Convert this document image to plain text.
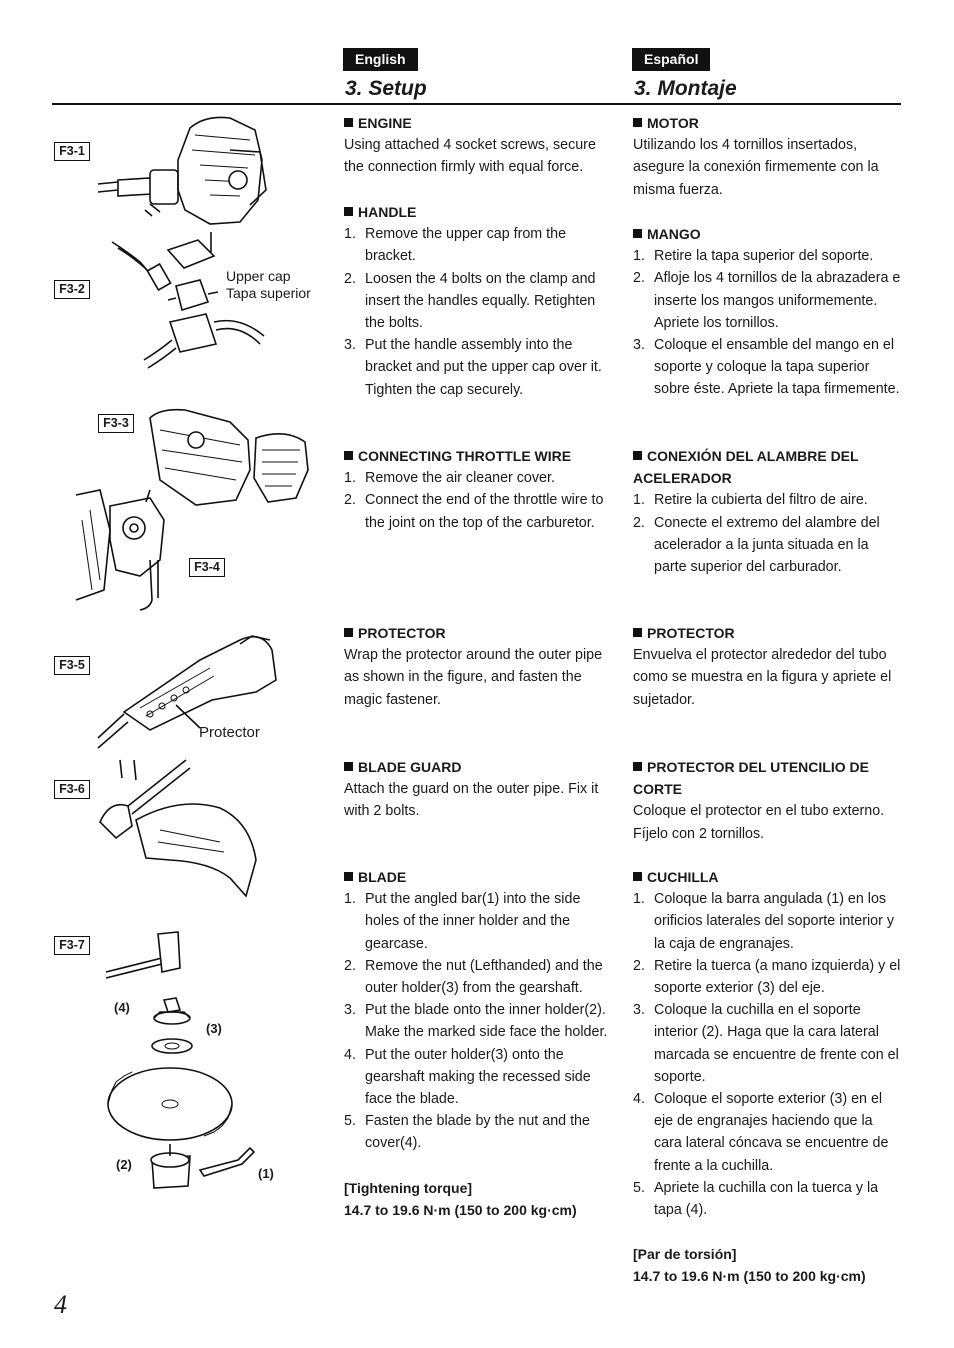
English	Español
3. Setup	3. Montaje
F3-1
F3-2
F3-3
F3-4
F3-5
F3-6
F3-7
Upper cap
Tapa superior
Protector
(4)
(3)
(2)
(1)
ENGINE

Using attached 4 socket screws, secure the connection firmly with equal force.

HANDLE
1. Remove the upper cap from the bracket.
2. Loosen the 4 bolts on the clamp and insert the handles equally. Retighten the bolts.
3. Put the handle assembly into the bracket and put the upper cap over it. Tighten the cap securely.
CONNECTING THROTTLE WIRE
1. Remove the air cleaner cover.
2. Connect the end of the throttle wire to the joint on the top of the carburetor.
PROTECTOR

Wrap the protector around the outer pipe as shown in the figure, and fasten the magic fastener.

BLADE GUARD

Attach the guard on the outer pipe. Fix it with 2 bolts.

BLADE
1. Put the angled bar(1) into the side holes of the inner holder and the gearcase.
2. Remove the nut (Lefthanded) and the outer holder(3) from the gearshaft.
3. Put the blade onto the inner holder(2). Make the marked side face the holder.
4. Put the outer holder(3) onto the gearshaft making the recessed side face the blade.
5. Fasten the blade by the nut and the cover(4).
[Tightening torque]
14.7 to 19.6 N·m (150 to 200 kg·cm)
MOTOR

Utilizando los 4 tornillos insertados, asegure la conexión firmemente con la misma fuerza.

MANGO
1. Retire la tapa superior del soporte.
2. Afloje los 4 tornillos de la abrazadera e inserte los mangos uniformemente. Apriete los tornillos.
3. Coloque el ensamble del mango en el soporte y coloque la tapa superior sobre éste. Apriete la tapa firmemente.
CONEXIÓN DEL ALAMBRE DEL
ACELERADOR
1. Retire la cubierta del filtro de aire.
2. Conecte el extremo del alambre del acelerador a la junta situada en la parte superior del carburador.
PROTECTOR

Envuelva el protector alrededor del tubo como se muestra en la figura y apriete el sujetador.

PROTECTOR DEL UTENCILIO DE
CORTE

Coloque el protector en el tubo externo. Fíjelo con 2 tornillos.

CUCHILLA
1. Coloque la barra angulada (1) en los orificios laterales del soporte interior y la caja de engranajes.
2. Retire la tuerca (a mano izquierda) y el soporte exterior (3) del eje.
3. Coloque la cuchilla en el soporte interior (2). Haga que la cara lateral marcada se encuentre de frente con el soporte.
4. Coloque el soporte exterior (3) en el eje de engranajes haciendo que la cara lateral cóncava se encuentre de frente a la cuchilla.
5. Apriete la cuchilla con la tuerca y la tapa (4).
[Par de torsión]
14.7 to 19.6 N·m (150 to 200 kg·cm)
4
